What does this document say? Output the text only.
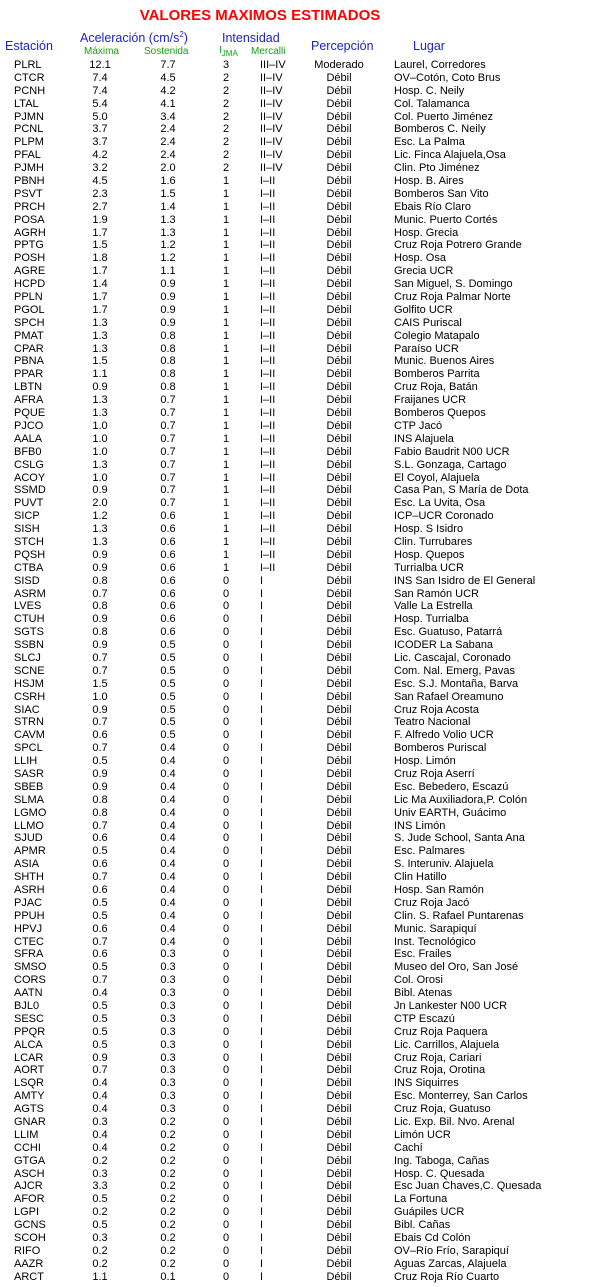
VALORES MAXIMOS ESTIMADOS
Estación
Aceleración $(cm/s^2)$	Intensidad
Percepción	Lugar
Máxima Sostenida	$I_{JMA}$ Mercalli
PLRL	12.1	7.7	3	III–IV	Moderado	Laurel, Corredores
CTCR	7.4	4.5	2	II–IV	Débil	OV–Cotón, Coto Brus
PCNH	7.4	4.2	2	II–IV	Débil	Hosp. C. Neily
LTAL	5.4	4.1	2	II–IV	Débil	Col. Talamanca
PJMN	5.0	3.4	2	II–IV	Débil	Col. Puerto Jiménez
PCNL	3.7	2.4	2	II–IV	Débil	Bomberos C. Neily
PLPM	3.7	2.4	2	II–IV	Débil	Esc. La Palma
PFAL	4.2	2.4	2	II–IV	Débil	Lic. Finca Alajuela,Osa
PJMH	3.2	2.0	2	II–IV	Débil	Clin. Pto Jiménez
PBNH	4.5	1.6	1	I–II	Débil	Hosp. B. Aires
PSVT	2.3	1.5	1	I–II	Débil	Bomberos San Vito
PRCH	2.7	1.4	1	I–II	Débil	Ebais Río Claro
POSA	1.9	1.3	1	I–II	Débil	Munic. Puerto Cortés
AGRH	1.7	1.3	1	I–II	Débil	Hosp. Grecia
PPTG	1.5	1.2	1	I–II	Débil	Cruz Roja Potrero Grande
POSH	1.8	1.2	1	I–II	Débil	Hosp. Osa
AGRE	1.7	1.1	1	I–II	Débil	Grecia UCR
HCPD	1.4	0.9	1	I–II	Débil	San Miguel, S. Domingo
PPLN	1.7	0.9	1	I–II	Débil	Cruz Roja Palmar Norte
PGOL	1.7	0.9	1	I–II	Débil	Golfito UCR
SPCH	1.3	0.9	1	I–II	Débil	CAIS Puriscal
PMAT	1.3	0.8	1	I–II	Débil	Colegio Matapalo
CPAR	1.3	0.8	1	I–II	Débil	Paraíso UCR
PBNA	1.5	0.8	1	I–II	Débil	Munic. Buenos Aires
PPAR	1.1	0.8	1	I–II	Débil	Bomberos Parrita
LBTN	0.9	0.8	1	I–II	Débil	Cruz Roja, Batán
AFRA	1.3	0.7	1	I–II	Débil	Fraijanes UCR
PQUE	1.3	0.7	1	I–II	Débil	Bomberos Quepos
PJCO	1.0	0.7	1	I–II	Débil	CTP Jacó
AALA	1.0	0.7	1	I–II	Débil	INS Alajuela
BFB0	1.0	0.7	1	I–II	Débil	Fabio Baudrit N00 UCR
CSLG	1.3	0.7	1	I–II	Débil	S.L. Gonzaga, Cartago
ACOY	1.0	0.7	1	I–II	Débil	El Coyol, Alajuela
SSMD	0.9	0.7	1	I–II	Débil	Casa Pan, S María de Dota
PUVT	2.0	0.7	1	I–II	Débil	Esc. La Uvita, Osa
SICP	1.2	0.6	1	I–II	Débil	ICP–UCR Coronado
SISH	1.3	0.6	1	I–II	Débil	Hosp. S Isidro
STCH	1.3	0.6	1	I–II	Débil	Clin. Turrubares
PQSH	0.9	0.6	1	I–II	Débil	Hosp. Quepos
CTBA	0.9	0.6	1	I–II	Débil	Turrialba UCR
SISD	0.8	0.6	0	I	Débil	INS San Isidro de El General
ASRM	0.7	0.6	0	I	Débil	San Ramón UCR
LVES	0.8	0.6	0	I	Débil	Valle La Estrella
CTUH	0.9	0.6	0	I	Débil	Hosp. Turrialba
SGTS	0.8	0.6	0	I	Débil	Esc. Guatuso, Patarrá
SSBN	0.9	0.5	0	I	Débil	ICODER La Sabana
SLCJ	0.7	0.5	0	I	Débil	Lic. Cascajal, Coronado
SCNE	0.7	0.5	0	I	Débil	Com. Nal. Emerg, Pavas
HSJM	1.5	0.5	0	I	Débil	Esc. S.J. Montaña, Barva
CSRH	1.0	0.5	0	I	Débil	San Rafael Oreamuno
SIAC	0.9	0.5	0	I	Débil	Cruz Roja Acosta
STRN	0.7	0.5	0	I	Débil	Teatro Nacional
CAVM	0.6	0.5	0	I	Débil	F. Alfredo Volio UCR
SPCL	0.7	0.4	0	I	Débil	Bomberos Puriscal
LLIH	0.5	0.4	0	I	Débil	Hosp. Limón
SASR	0.9	0.4	0	I	Débil	Cruz Roja Aserrí
SBEB	0.9	0.4	0	I	Débil	Esc. Bebedero, Escazú
SLMA	0.8	0.4	0	I	Débil	Lic Ma Auxiliadora,P. Colón
LGMO	0.8	0.4	0	I	Débil	Univ EARTH, Guácimo
LLMO	0.7	0.4	0	I	Débil	INS Limón
SJUD	0.6	0.4	0	I	Débil	S. Jude School, Santa Ana
APMR	0.5	0.4	0	I	Débil	Esc. Palmares
ASIA	0.6	0.4	0	I	Débil	S. Interuniv. Alajuela
SHTH	0.7	0.4	0	I	Débil	Clin Hatillo
ASRH	0.6	0.4	0	I	Débil	Hosp. San Ramón
PJAC	0.5	0.4	0	I	Débil	Cruz Roja Jacó
PPUH	0.5	0.4	0	I	Débil	Clin. S. Rafael Puntarenas
HPVJ	0.6	0.4	0	I	Débil	Munic. Sarapiquí
CTEC	0.7	0.4	0	I	Débil	Inst. Tecnológico
SFRA	0.6	0.3	0	I	Débil	Esc. Frailes
SMSO	0.5	0.3	0	I	Débil	Museo del Oro, San José
CORS	0.7	0.3	0	I	Débil	Col. Orosi
AATN	0.4	0.3	0	I	Débil	Bibl. Atenas
BJL0	0.5	0.3	0	I	Débil	Jn Lankester N00 UCR
SESC	0.5	0.3	0	I	Débil	CTP Escazú
PPQR	0.5	0.3	0	I	Débil	Cruz Roja Paquera
ALCA	0.5	0.3	0	I	Débil	Lic. Carrillos, Alajuela
LCAR	0.9	0.3	0	I	Débil	Cruz Roja, Cariari
AORT	0.7	0.3	0	I	Débil	Cruz Roja, Orotina
LSQR	0.4	0.3	0	I	Débil	INS Siquirres
AMTY	0.4	0.3	0	I	Débil	Esc. Monterrey, San Carlos
AGTS	0.4	0.3	0	I	Débil	Cruz Roja, Guatuso
GNAR	0.3	0.2	0	I	Débil	Lic. Exp. Bil. Nvo. Arenal
LLIM	0.4	0.2	0	I	Débil	Limón UCR
CCHI	0.4	0.2	0	I	Débil	Cachí
GTGA	0.2	0.2	0	I	Débil	Ing. Taboga, Cañas
ASCH	0.3	0.2	0	I	Débil	Hosp. C. Quesada
AJCR	3.3	0.2	0	I	Débil	Esc Juan Chaves,C. Quesada
AFOR	0.5	0.2	0	I	Débil	La Fortuna
LGPI	0.2	0.2	0	I	Débil	Guápiles UCR
GCNS	0.5	0.2	0	I	Débil	Bibl. Cañas
SCOH	0.3	0.2	0	I	Débil	Ebais Cd Colón
RIFO	0.2	0.2	0	I	Débil	OV–Río Frío, Sarapiquí
AAZR	0.2	0.2	0	I	Débil	Aguas Zarcas, Alajuela
ARCT	1.1	0.1	0	I	Débil	Cruz Roja Río Cuarto
